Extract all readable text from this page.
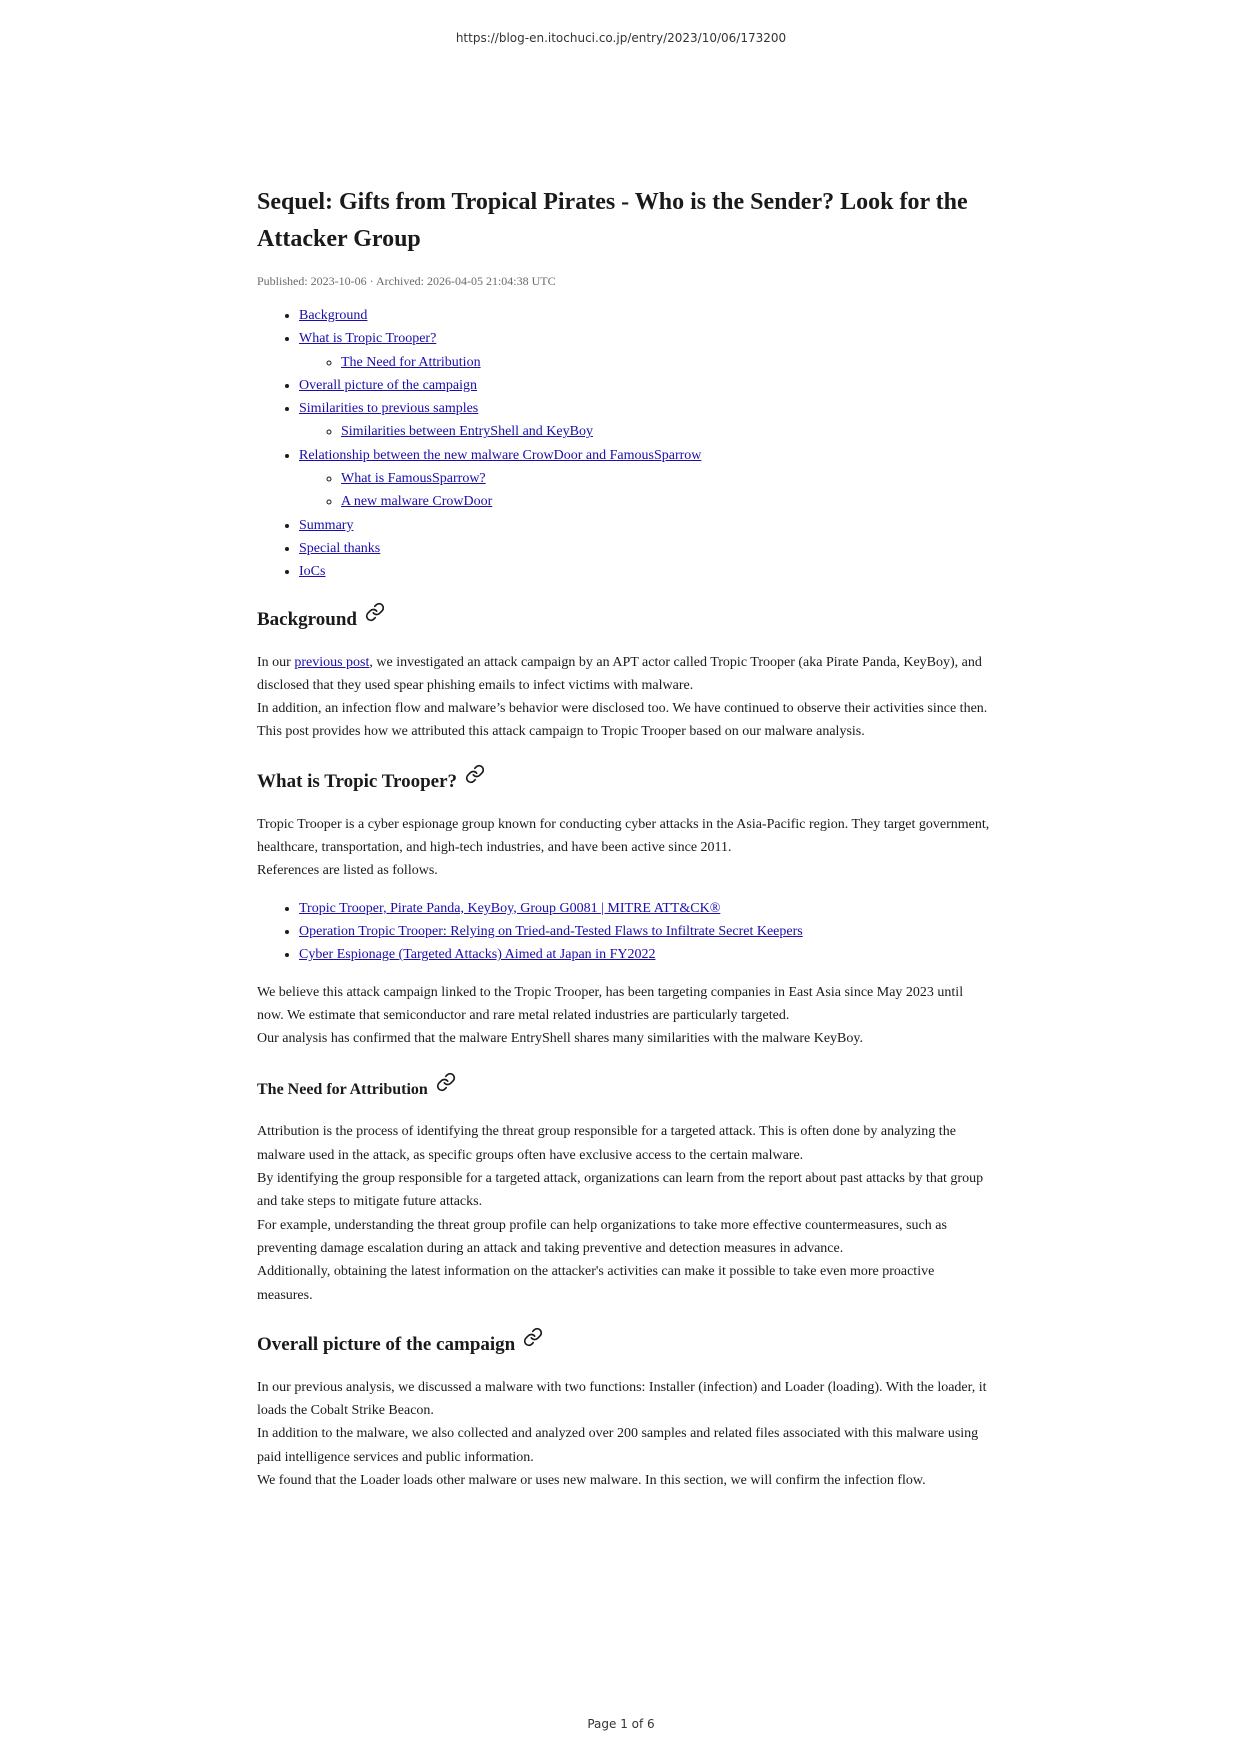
https://blog-en.itochuci.co.jp/entry/2023/10/06/173200
Sequel: Gifts from Tropical Pirates - Who is the Sender? Look for the Attacker Group
Published: 2023-10-06 · Archived: 2026-04-05 21:04:38 UTC
• Background
• What is Tropic Trooper?
◦ The Need for Attribution
• Overall picture of the campaign
• Similarities to previous samples
◦ Similarities between EntryShell and KeyBoy
• Relationship between the new malware CrowDoor and FamousSparrow
◦ What is FamousSparrow?
◦ A new malware CrowDoor
• Summary
• Special thanks
• IoCs
Background

In our previous post, we investigated an attack campaign by an APT actor called Tropic Trooper (aka Pirate Panda, KeyBoy), and disclosed that they used spear phishing emails to infect victims with malware.

In addition, an infection flow and malware’s behavior were disclosed too. We have continued to observe their activities since then.

This post provides how we attributed this attack campaign to Tropic Trooper based on our malware analysis.

What is Tropic Trooper?

Tropic Trooper is a cyber espionage group known for conducting cyber attacks in the Asia-Pacific region. They target government, healthcare, transportation, and high-tech industries, and have been active since 2011.

References are listed as follows.

• Tropic Trooper, Pirate Panda, KeyBoy, Group G0081 | MITRE ATT&CK®
• Operation Tropic Trooper: Relying on Tried-and-Tested Flaws to Infiltrate Secret Keepers
• Cyber Espionage (Targeted Attacks) Aimed at Japan in FY2022

We believe this attack campaign linked to the Tropic Trooper, has been targeting companies in East Asia since May 2023 until now. We estimate that semiconductor and rare metal related industries are particularly targeted.

Our analysis has confirmed that the malware EntryShell shares many similarities with the malware KeyBoy.

The Need for Attribution

Attribution is the process of identifying the threat group responsible for a targeted attack. This is often done by analyzing the malware used in the attack, as specific groups often have exclusive access to the certain malware.

By identifying the group responsible for a targeted attack, organizations can learn from the report about past attacks by that group and take steps to mitigate future attacks.

For example, understanding the threat group profile can help organizations to take more effective countermeasures, such as preventing damage escalation during an attack and taking preventive and detection measures in advance.

Additionally, obtaining the latest information on the attacker's activities can make it possible to take even more proactive measures.

Overall picture of the campaign

In our previous analysis, we discussed a malware with two functions: Installer (infection) and Loader (loading). With the loader, it loads the Cobalt Strike Beacon.

In addition to the malware, we also collected and analyzed over 200 samples and related files associated with this malware using paid intelligence services and public information.

We found that the Loader loads other malware or uses new malware. In this section, we will confirm the infection flow.

Page 1 of 6
